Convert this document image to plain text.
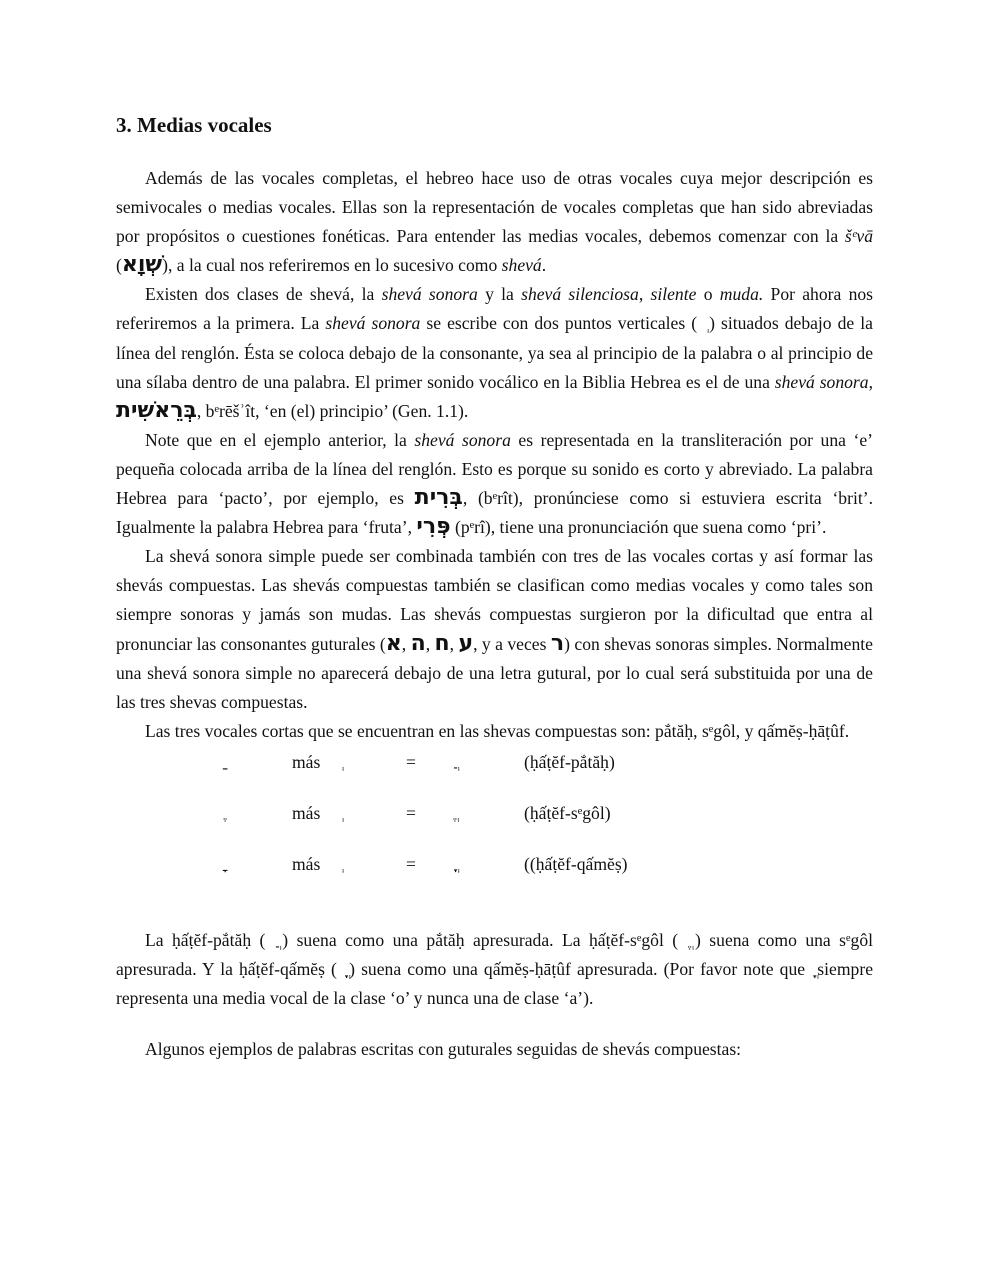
3. Medias vocales

Además de las vocales completas, el hebreo hace uso de otras vocales cuya mejor descripción es semivocales o medias vocales. Ellas son la representación de vocales completas que han sido abreviadas por propósitos o cuestiones fonéticas. Para entender las medias vocales, debemos comenzar con la šᵉvā (שְׁוָא), a la cual nos referiremos en lo sucesivo como shevá.

Existen dos clases de shevá, la shevá sonora y la shevá silenciosa, silente o muda. Por ahora nos referiremos a la primera. La shevá sonora se escribe con dos puntos verticales ( ) situados debajo de la línea del renglón. Ésta se coloca debajo de la consonante, ya sea al principio de la palabra o al principio de una sílaba dentro de una palabra. El primer sonido vocálico en la Biblia Hebrea es el de una shevá sonora, בְּרֵאשִׁית, bᵉrēšʾît, ‘en (el) principio’ (Gen. 1.1).

Note que en el ejemplo anterior, la shevá sonora es representada en la transliteración por una ‘e’ pequeña colocada arriba de la línea del renglón. Esto es porque su sonido es corto y abreviado. La palabra Hebrea para ‘pacto’, por ejemplo, es בְּרִית, (bᵉrît), pronúnciese como si estuviera escrita ‘brit’. Igualmente la palabra Hebrea para ‘fruta’, פְּרִי (pᵉrî), tiene una pronunciación que suena como ‘pri’.

La shevá sonora simple puede ser combinada también con tres de las vocales cortas y así formar las shevás compuestas. Las shevás compuestas también se clasifican como medias vocales y como tales son siempre sonoras y jamás son mudas. Las shevás compuestas surgieron por la dificultad que entra al pronunciar las consonantes guturales (א, ה, ח, ע, y a veces ר) con shevas sonoras simples. Normalmente una shevá sonora simple no aparecerá debajo de una letra gutural, por lo cual será substituida por una de las tres shevas compuestas.

Las tres vocales cortas que se encuentran en las shevas compuestas son: pắtăḥ, sᵉgôl, y qấmĕṣ-ḥāṭûf.

más	=	(ḥấṭĕf-pắtăḥ)
más	=	(ḥấṭĕf-sᵉgôl)
más	=	((ḥấṭĕf-qấmĕṣ)

La ḥấṭĕf-pắtăḥ ( ) suena como una pắtăḥ apresurada. La ḥấṭĕf-sᵉgôl ( ) suena como una sᵉgôl apresurada. Y la ḥấṭĕf-qấmĕṣ ( ) suena como una qấmĕṣ-ḥāṭûf apresurada. (Por favor note que siempre representa una media vocal de la clase ‘o’ y nunca una de clase ‘a’).

Algunos ejemplos de palabras escritas con guturales seguidas de shevás compuestas:
